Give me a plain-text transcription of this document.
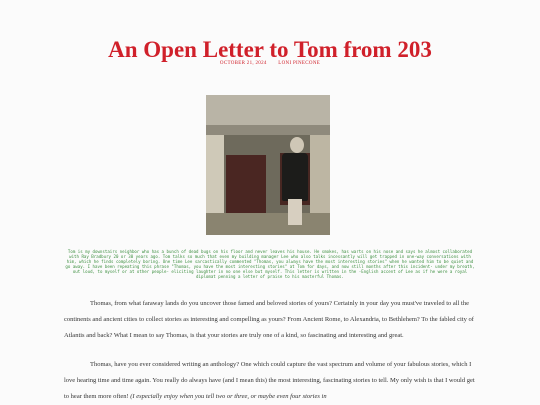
An Open Letter to Tom from 203
OCTOBER 21, 2024 LONI PINECONE
Tom is my downstairs neighbor who has a bunch of dead bugs on his floor and never leaves his house. He smokes, has warts on his nose and says he almost collaborated with Ray Bradbury 20 or 30 years ago. Tom talks so much that even my building manager Lee who also talks incessantly will get trapped in one-way conversations with him, which he finds completely boring. One time Lee sarcastically commented "Thomas, you always have the most interesting stories" when he wanted him to be quiet and go away. I have been repeating this phrase "Thomas, you have the most interesting stories" at Tom for days, and now still months after this incident- under my breath, out loud, to myself or at other people- eliciting laughter in no one else but myself. This letter is written in the -English accent of Lee as if he were a royal diplomat penning a letter of praise to his masterful Thomas.

Thomas, from what faraway lands do you uncover those famed and beloved stories of yours? Certainly in your day you must've traveled to all the continents and ancient cities to collect stories as interesting and compelling as yours? From Ancient Rome, to Alexandria, to Bethlehem? To the fabled city of Atlantis and back? What I mean to say Thomas, is that your stories are truly one of a kind, so fascinating and interesting and great.

Thomas, have you ever considered writing an anthology? One which could capture the vast spectrum and volume of your fabulous stories, which I love hearing time and time again. You really do always have (and I mean this) the most interesting, fascinating stories to tell. My only wish is that I would get to hear them more often! (I especially enjoy when you tell two or three, or maybe even four stories in
